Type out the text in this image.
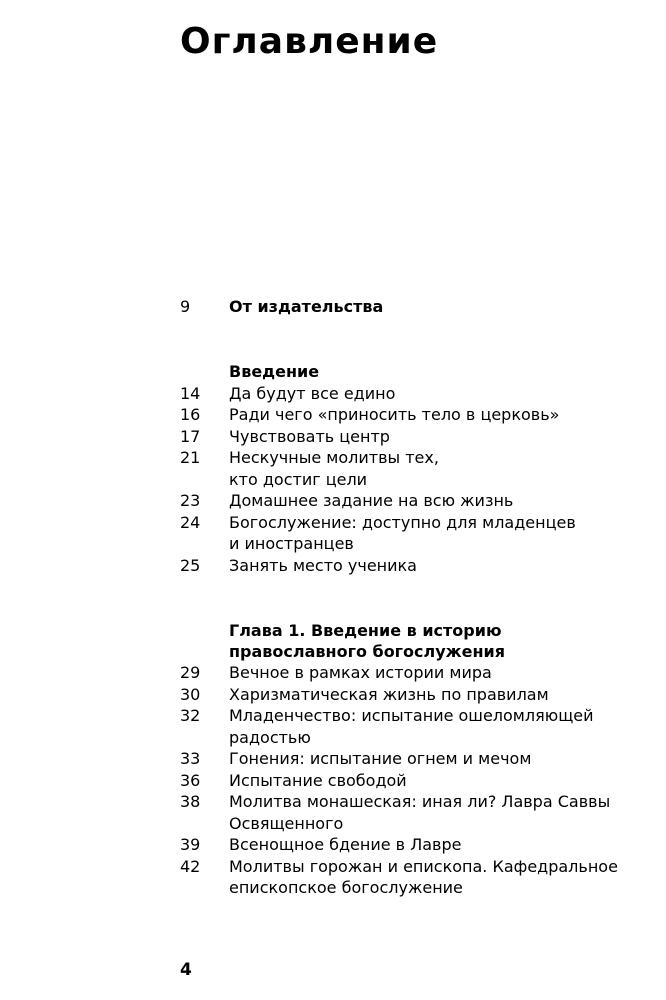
Оглавление
9	От издательства
Введение
14	Да будут все едино
16	Ради чего «приносить тело в церковь»
17	Чувствовать центр
21	Нескучные молитвы тех,
кто достиг цели
23	Домашнее задание на всю жизнь
24	Богослужение: доступно для младенцев
и иностранцев
25	Занять место ученика
Глава 1. Введение в историю
православного богослужения
29	Вечное в рамках истории мира
30	Харизматическая жизнь по правилам
32	Младенчество: испытание ошеломляющей
радостью
33	Гонения: испытание огнем и мечом
36	Испытание свободой
38	Молитва монашеская: иная ли? Лавра Саввы
Освященного
39	Всенощное бдение в Лавре
42	Молитвы горожан и епископа. Кафедральное
епископское богослужение
4
